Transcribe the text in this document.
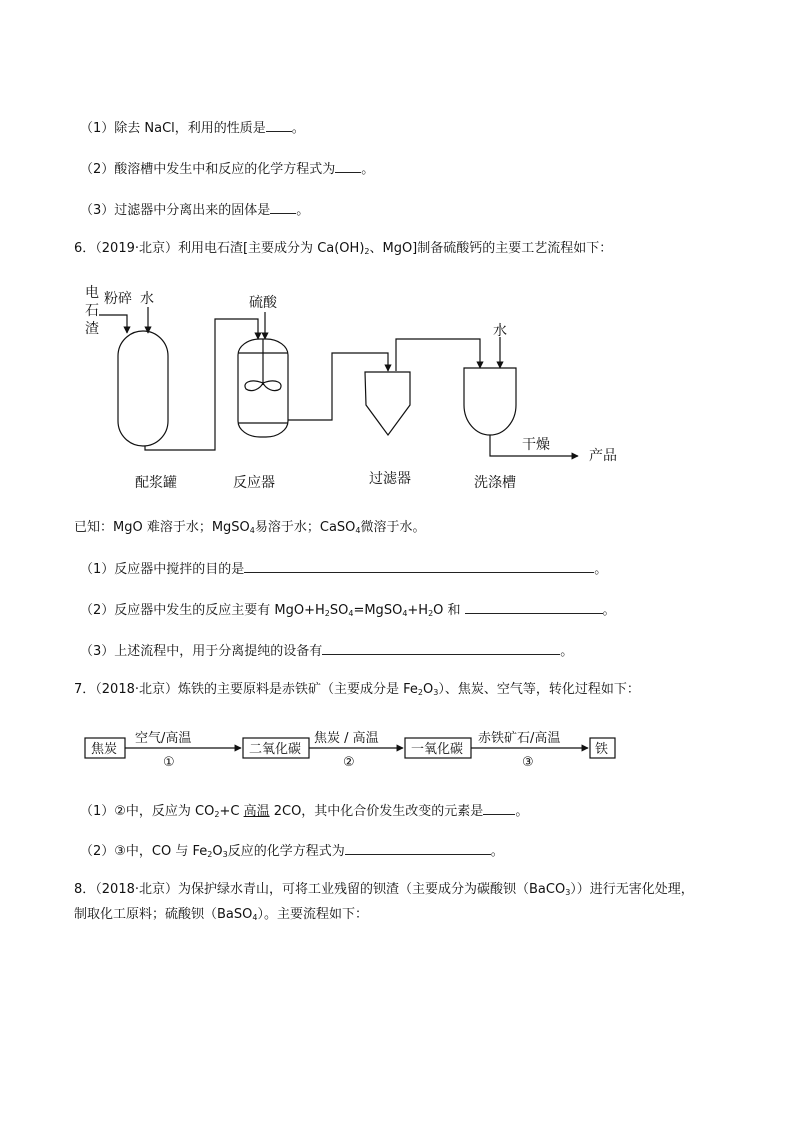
（1）除去 NaCl，利用的性质是 。
（2）酸溶槽中发生中和反应的化学方程式为 。
（3）过滤器中分离出来的固体是 。
6．（2019·北京）利用电石渣[主要成分为 $Ca(OH)_2$、MgO]制备硫酸钙的主要工艺流程如下：
电
石
渣
粉碎 水	硫酸
水
干燥
产品
配浆罐	反应器	过滤器	洗涤槽
已知：MgO 难溶于水；MgSO$_4$易溶于水；CaSO$_4$微溶于水。
（1）反应器中搅拌的目的是	。
（2）反应器中发生的反应主要有 $MgO+H_2SO_4=MgSO_4+H_2O$ 和	。
（3）上述流程中，用于分离提纯的设备有	。
7．（2018·北京）炼铁的主要原料是赤铁矿（主要成分是 $Fe_2O_3$）、焦炭、空气等，转化过程如下：
焦炭	二氧化碳	一氧化碳	铁
空气/高温
①
焦炭 / 高温
②
赤铁矿石/高温
③
（1）②中，反应为 $CO_2+C$ 高温 2CO，其中化合价发生改变的元素是 。
（2）③中，CO 与 $Fe_2O_3$反应的化学方程式为	。
8．（2018·北京）为保护绿水青山，可将工业残留的钡渣（主要成分为碳酸钡（BaCO$_3$））进行无害化处理，
制取化工原料；硫酸钡（BaSO$_4$）。主要流程如下：
